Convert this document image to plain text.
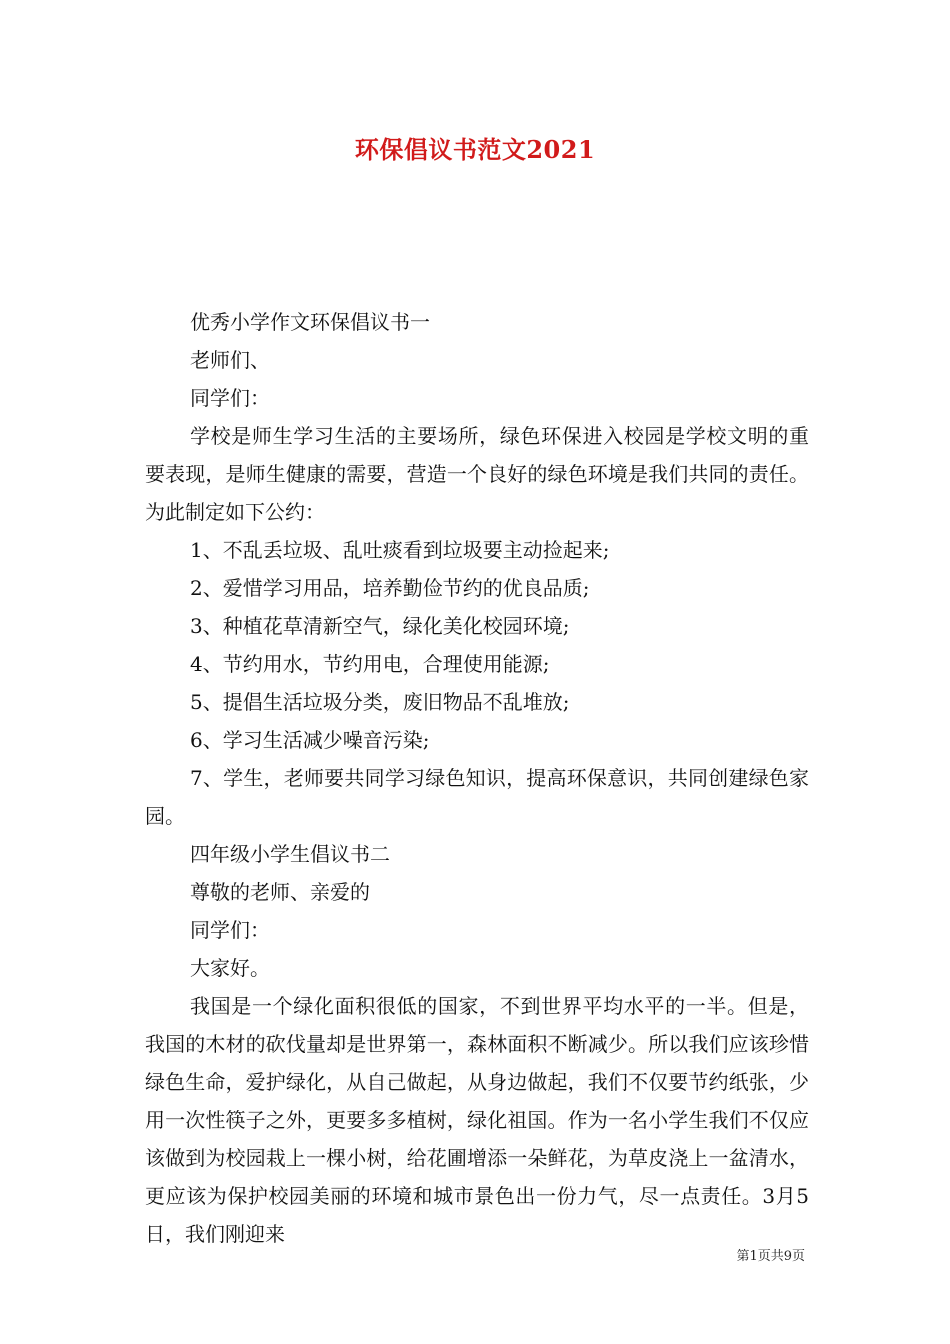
环保倡议书范文2021
优秀小学作文环保倡议书一
老师们、
同学们：
学校是师生学习生活的主要场所，绿色环保进入校园是学校文明的重要表现，是师生健康的需要，营造一个良好的绿色环境是我们共同的责任。为此制定如下公约：
1、不乱丢垃圾、乱吐痰看到垃圾要主动捡起来;
2、爱惜学习用品，培养勤俭节约的优良品质;
3、种植花草清新空气，绿化美化校园环境;
4、节约用水，节约用电，合理使用能源;
5、提倡生活垃圾分类，废旧物品不乱堆放;
6、学习生活减少噪音污染;
7、学生，老师要共同学习绿色知识，提高环保意识，共同创建绿色家园。
四年级小学生倡议书二
尊敬的老师、亲爱的
同学们：
大家好。
我国是一个绿化面积很低的国家，不到世界平均水平的一半。但是，我国的木材的砍伐量却是世界第一，森林面积不断减少。所以我们应该珍惜绿色生命，爱护绿化，从自己做起，从身边做起，我们不仅要节约纸张，少用一次性筷子之外，更要多多植树，绿化祖国。作为一名小学生我们不仅应该做到为校园栽上一棵小树，给花圃增添一朵鲜花，为草皮浇上一盆清水，更应该为保护校园美丽的环境和城市景色出一份力气，尽一点责任。3月5日，我们刚迎来
第1页共9页
